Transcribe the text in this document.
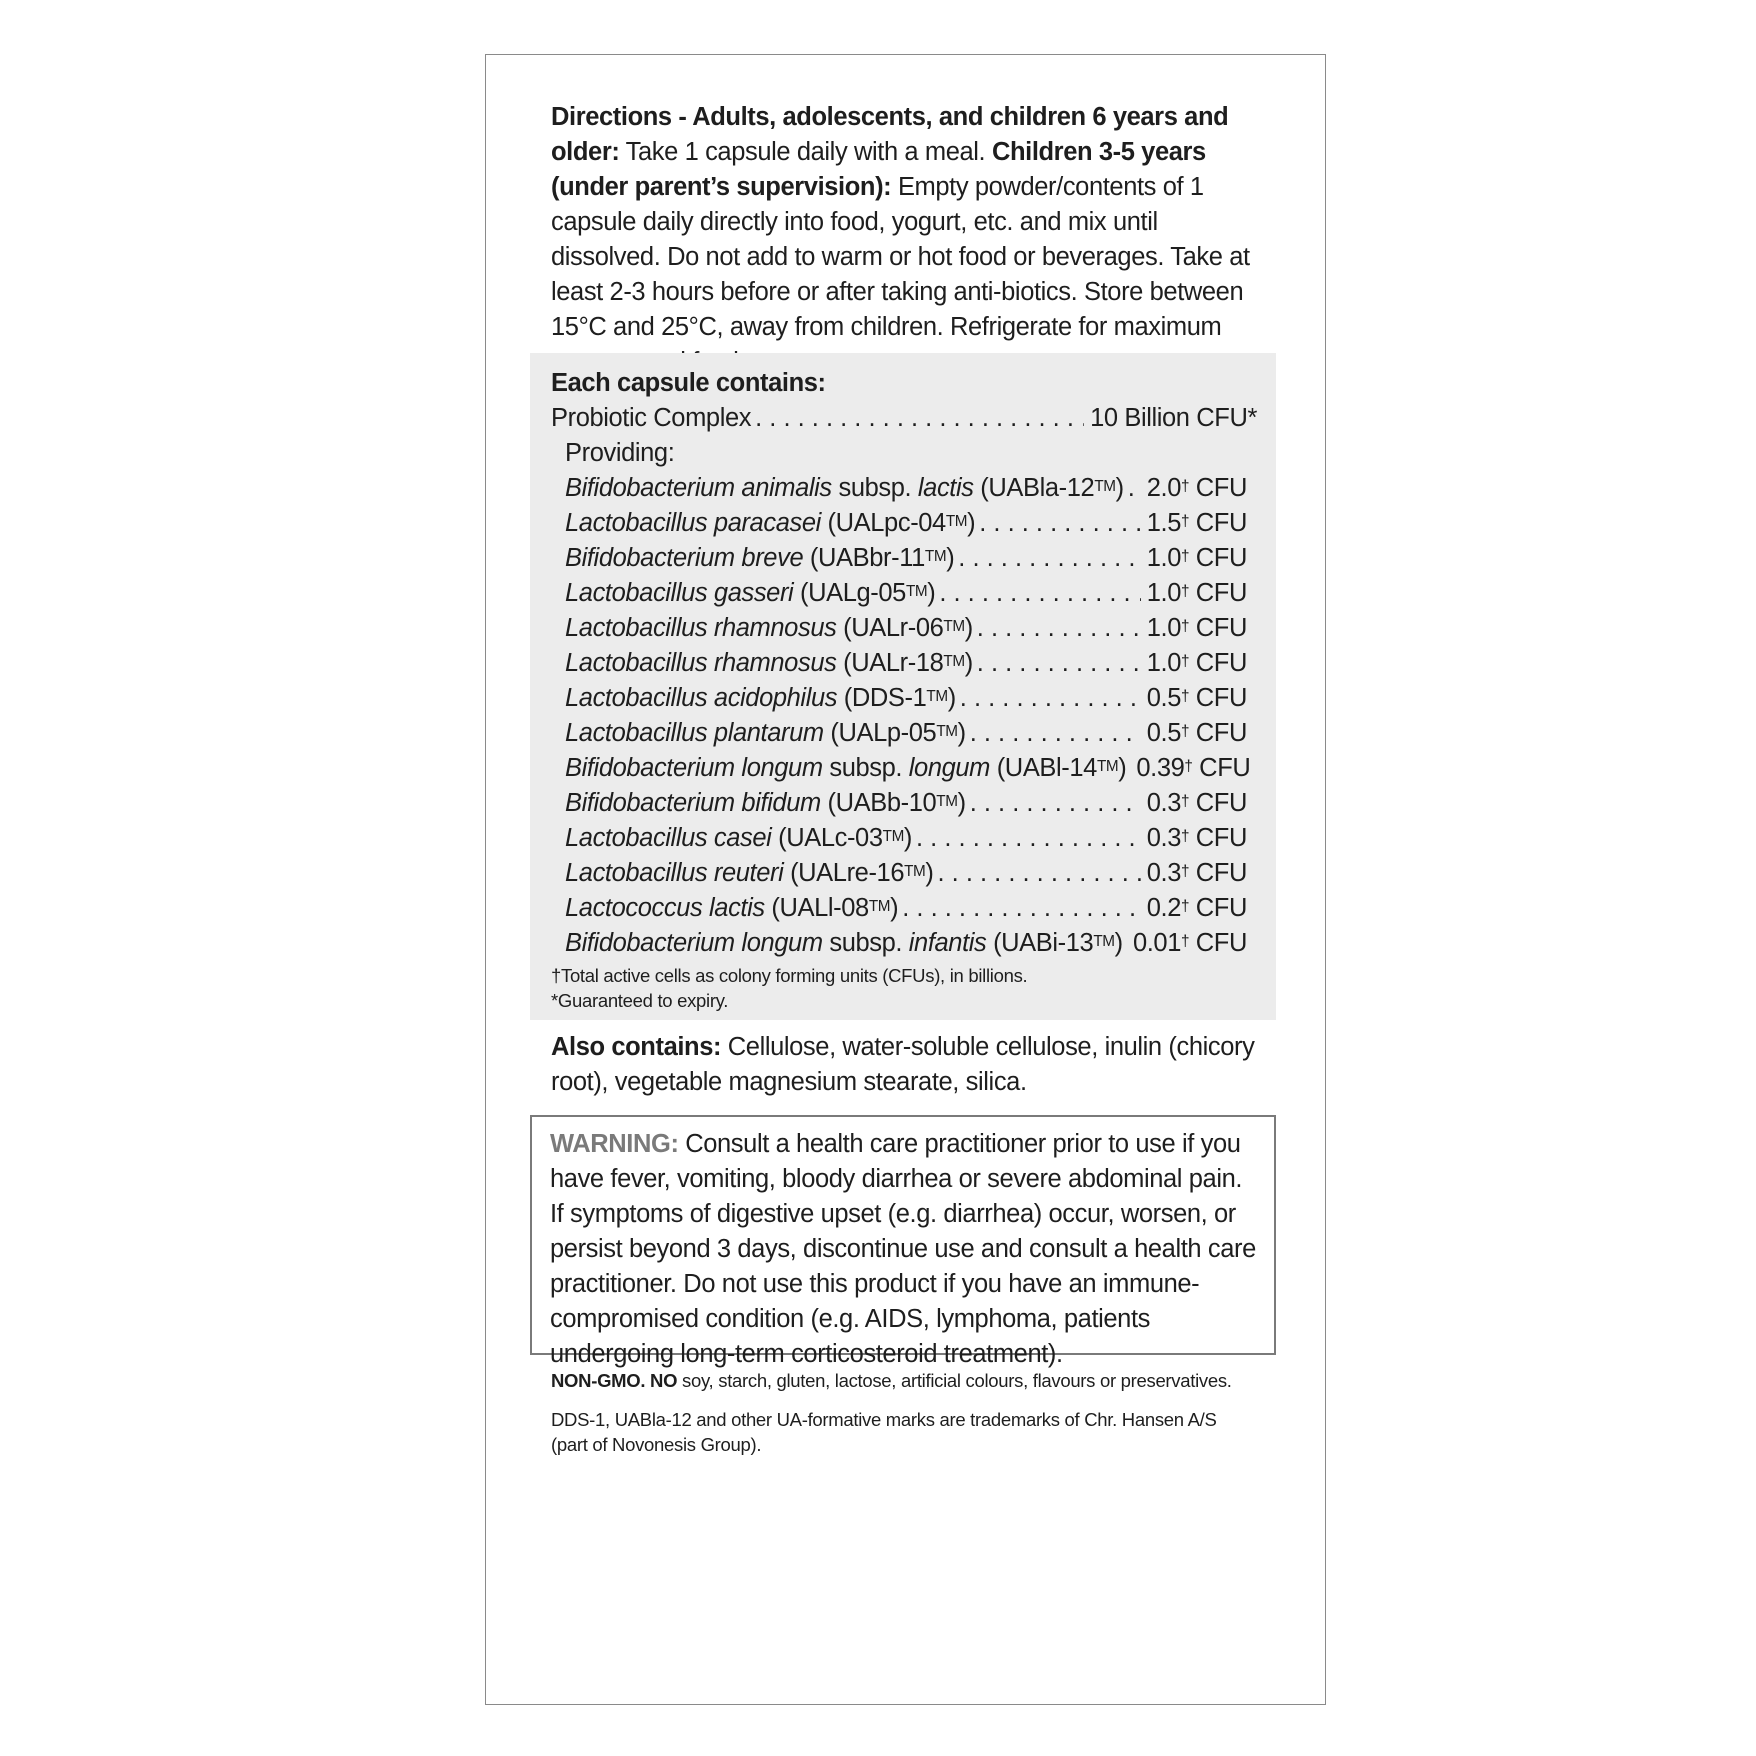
Directions - Adults, adolescents, and children 6 years and older: Take 1 capsule daily with a meal. Children 3-5 years (under parent’s supervision): Empty powder/contents of 1 capsule daily directly into food, yogurt, etc. and mix until dissolved. Do not add to warm or hot food or beverages. Take at least 2-3 hours before or after taking anti-biotics. Store between 15°C and 25°C, away from children. Refrigerate for maximum

Each capsule contains:
Probiotic Complex . . .	10 Billion CFU*
Providing:
Bifidobacterium animalis subsp. lactis (UABla-12™) . . . 2.0† CFU
Lactobacillus paracasei (UALpc-04™) . . .	1.5† CFU
Bifidobacterium breve (UABbr-11™) . . .	1.0† CFU
Lactobacillus gasseri (UALg-05™) . . .	1.0† CFU
Lactobacillus rhamnosus (UALr-06™) . . .	1.0† CFU
Lactobacillus rhamnosus (UALr-18™) . . .	1.0† CFU
Lactobacillus acidophilus (DDS-1™) . . .	0.5† CFU
Lactobacillus plantarum (UALp-05™) . . .	0.5† CFU
Bifidobacterium longum subsp. longum (UABl-14™) 0.39† CFU
Bifidobacterium bifidum (UABb-10™) . . .	0.3† CFU
Lactobacillus casei (UALc-03™) . . .	0.3† CFU
Lactobacillus reuteri (UALre-16™) . . .	0.3† CFU
Lactococcus lactis (UALl-08™) . . .	0.2† CFU
Bifidobacterium longum subsp. infantis (UABi-13™) . . . 0.01† CFU
†Total active cells as colony forming units (CFUs), in billions.
*Guaranteed to expiry.

Also contains: Cellulose, water-soluble cellulose, inulin (chicory root), vegetable magnesium stearate, silica.

WARNING: Consult a health care practitioner prior to use if you have fever, vomiting, bloody diarrhea or severe abdominal pain. If symptoms of digestive upset (e.g. diarrhea) occur, worsen, or persist beyond 3 days, discontinue use and consult a health care practitioner. Do not use this product if you have an immune-compromised condition (e.g. AIDS, lymphoma, patients undergoing long-term corticosteroid treatment).

NON-GMO. NO soy, starch, gluten, lactose, artificial colours, flavours or preservatives.
DDS-1, UABla-12 and other UA-formative marks are trademarks of Chr. Hansen A/S (part of Novonesis Group).
